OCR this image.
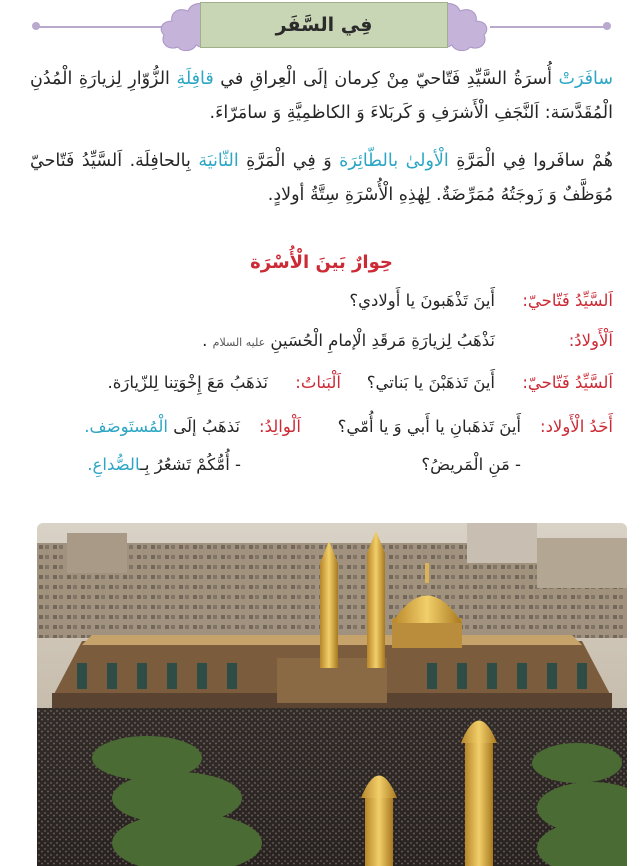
فِي السَّفَر
سافَرَتْ أُسرَةُ السَّيِّدِ فَتّاحيّ مِنْ كِرمان إلَى الْعِراقِ في قافِلَةِ الزُّوّارِ لِزيارَةِ الْمُدُنِ الْمُقَدَّسَة: اَلنَّجَفِ الْأَشرَفِ وَ كَربَلاءَ وَ الكاظمِيَّةِ وَ سامَرّاءَ.
هُمْ سافَروا فِي الْمَرَّةِ الْأولىٰ بالطّائِرَة وَ فِي الْمَرَّةِ الثّانيَة بِالحافِلَة. اَلسَّيِّدُ فَتّاحيّ مُوَظَّفٌ وَ زَوجَتُهُ مُمَرِّضَةٌ. لِهٰذِهِ الْأُسْرَةِ سِتَّةُ أولادٍ.
حِوارٌ بَينَ الْأُسْرَة
اَلسَّيِّدُ فَتّاحيّ:
أَينَ تَذْهَبونَ يا أَولادي؟
اَلْأَولادُ:
نَذْهَبُ لِزيارَةِ مَرقَدِ الْإمامِ الْحُسَينِ عليه السلام .
اَلسَّيِّدُ فَتّاحيّ:
أَينَ تَذهَبْنَ يا بَناتي؟
اَلْبَناتُ:
نَذهَبُ مَعَ إِخْوَتِنا لِلزّيارَة.
أَحَدُ الْأَولاد:
أَينَ تَذهَبانِ يا أَبي وَ يا أُمّي؟
اَلْوالِدُ:
نَذهَبُ إلَى الْمُستَوصَف.
- مَنِ الْمَريضُ؟
- أُمُّكُمْ تَشعُرُ بِـالصُّداعِ.
